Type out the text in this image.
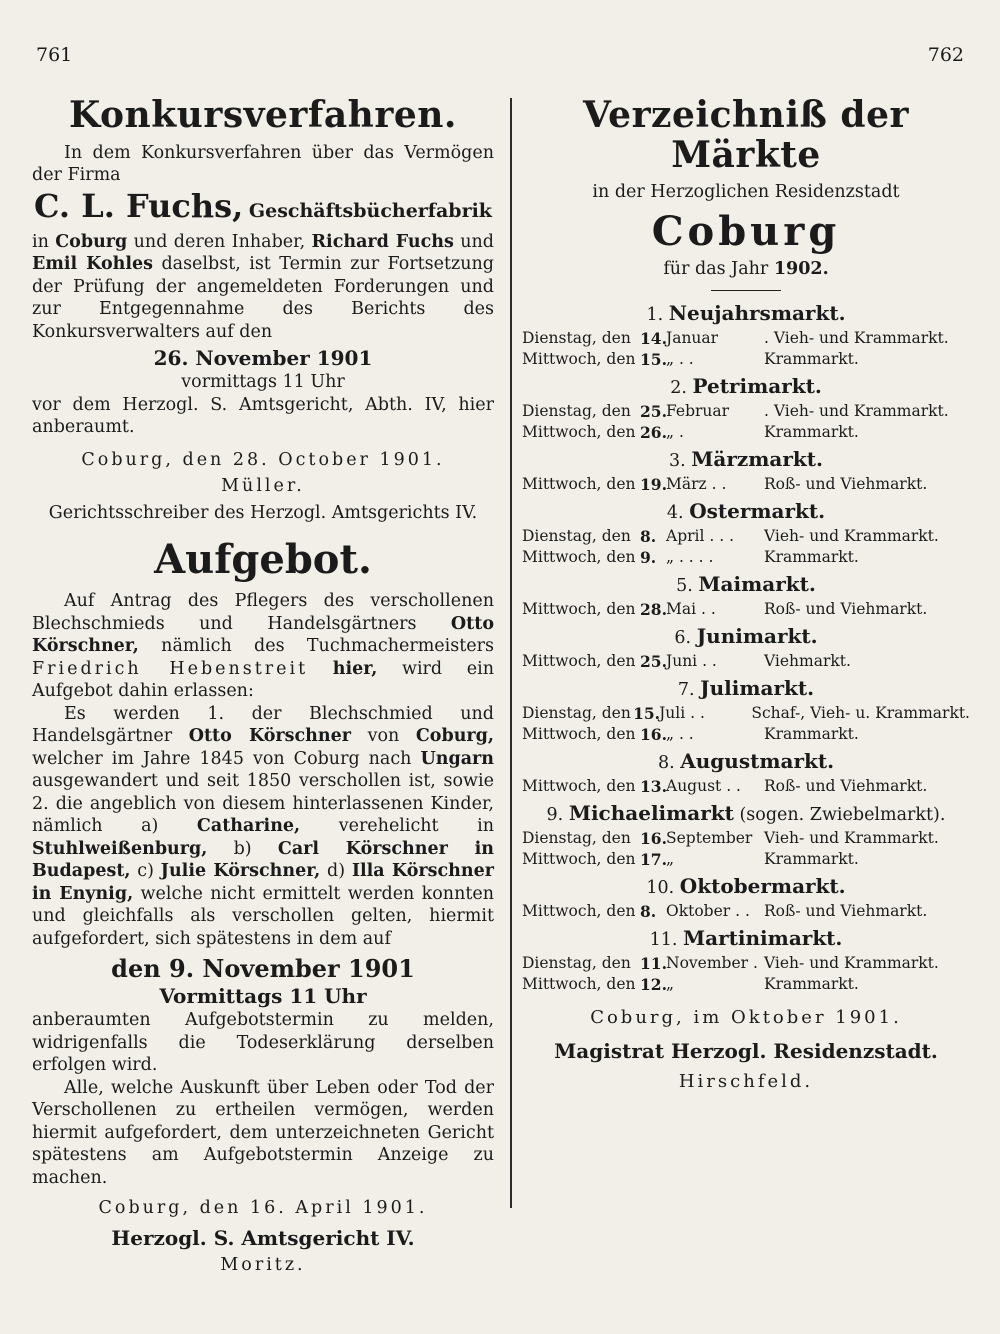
761	762
Konkursverfahren.
In dem Konkursverfahren über das Vermögen der Firma
C. L. Fuchs, Geschäftsbücherfabrik
in Coburg und deren Inhaber, Richard Fuchs und Emil Kohles daselbst, ist Termin zur Fortsetzung der Prüfung der angemeldeten Forderungen und zur Entgegennahme des Berichts des Konkursverwalters auf den
26. November 1901
vormittags 11 Uhr
vor dem Herzogl. S. Amtsgericht, Abth. IV, hier anberaumt.
Coburg, den 28. October 1901.
Müller.
Gerichtsschreiber des Herzogl. Amtsgerichts IV.
Aufgebot.
Auf Antrag des Pflegers des verschollenen Blechschmieds und Handelsgärtners Otto Körschner, nämlich des Tuchmachermeisters Friedrich Hebenstreit hier, wird ein Aufgebot dahin erlassen:
Es werden 1. der Blechschmied und Handelsgärtner Otto Körschner von Coburg, welcher im Jahre 1845 von Coburg nach Ungarn ausgewandert und seit 1850 verschollen ist, sowie 2. die angeblich von diesem hinterlassenen Kinder, nämlich a) Catharine, verehelicht in Stuhlweißenburg, b) Carl Körschner in Budapest, c) Julie Körschner, d) Illa Körschner in Enynig, welche nicht ermittelt werden konnten und gleichfalls als verschollen gelten, hiermit aufgefordert, sich spätestens in dem auf
den 9. November 1901
Vormittags 11 Uhr
anberaumten Aufgebotstermin zu melden, widrigenfalls die Todeserklärung derselben erfolgen wird.
Alle, welche Auskunft über Leben oder Tod der Verschollenen zu ertheilen vermögen, werden hiermit aufgefordert, dem unterzeichneten Gericht spätestens am Aufgebotstermin Anzeige zu machen.
Coburg, den 16. April 1901.
Herzogl. S. Amtsgericht IV.
Moritz.
Verzeichniß der Märkte
in der Herzoglichen Residenzstadt
Coburg
für das Jahr 1902.
1. Neujahrsmarkt.
Dienstag, den 14. Januar	. Vieh- und Krammarkt.
Mittwoch, den 15. „ . .	Krammarkt.
2. Petrimarkt.
Dienstag, den 25. Februar	. Vieh- und Krammarkt.
Mittwoch, den 26. „ .	Krammarkt.
3. Märzmarkt.
Mittwoch, den 19. März . .	Roß- und Viehmarkt.
4. Ostermarkt.
Dienstag, den 8. April . . .	Vieh- und Krammarkt.
Mittwoch, den 9. „ . . . .	Krammarkt.
5. Maimarkt.
Mittwoch, den 28. Mai . .	Roß- und Viehmarkt.
6. Junimarkt.
Mittwoch, den 25. Juni . .	Viehmarkt.
7. Julimarkt.
Dienstag, den 15. Juli . .	Schaf-, Vieh- u. Krammarkt.
Mittwoch, den 16. „ . .	Krammarkt.
8. Augustmarkt.
Mittwoch, den 13. August . .	Roß- und Viehmarkt.
9. Michaelimarkt (sogen. Zwiebelmarkt).
Dienstag, den 16. September Vieh- und Krammarkt.
Mittwoch, den 17. „	Krammarkt.
10. Oktobermarkt.
Mittwoch, den 8. Oktober . . Roß- und Viehmarkt.
11. Martinimarkt.
Dienstag, den 11. November . Vieh- und Krammarkt.
Mittwoch, den 12. „	Krammarkt.
Coburg, im Oktober 1901.
Magistrat Herzogl. Residenzstadt.
Hirschfeld.
